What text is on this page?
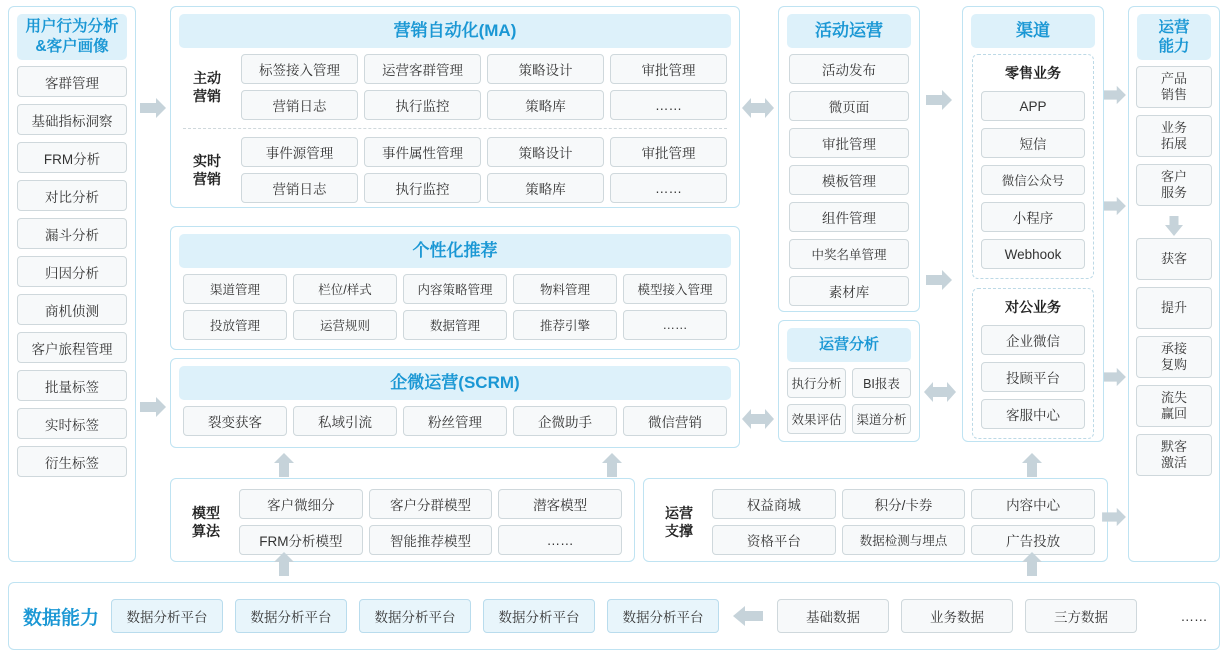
用户行为分析
&客户画像
客群管理
基础指标洞察
FRM分析
对比分析
漏斗分析
归因分析
商机侦测
客户旅程管理
批量标签
实时标签
衍生标签
营销自动化(MA)
主动
营销
标签接入管理	运营客群管理	策略设计	审批管理
营销日志	执行监控	策略库	……
实时
营销
事件源管理	事件属性管理	策略设计	审批管理
营销日志	执行监控	策略库	……
个性化推荐
渠道管理	栏位/样式	内容策略管理	物料管理	模型接入管理
投放管理	运营规则	数据管理	推荐引擎	……
企微运营(SCRM)
裂变获客	私域引流	粉丝管理	企微助手	微信营销
模型
算法
客户微细分	客户分群模型	潜客模型
FRM分析模型	智能推荐模型	……
运营
支撑
权益商城	积分/卡券	内容中心
资格平台	数据检测与埋点	广告投放
活动运营
活动发布
微页面
审批管理
模板管理
组件管理
中奖名单管理
素材库
运营分析
执行分析	BI报表
效果评估	渠道分析
渠道
零售业务
APP
短信
微信公众号
小程序
Webhook
对公业务
企业微信
投顾平台
客服中心
运营
能力
产品
销售
业务
拓展
客户
服务
获客
提升
承接
复购
流失
赢回
默客
激活
数据能力	数据分析平台	数据分析平台	数据分析平台	数据分析平台	数据分析平台	基础数据	业务数据	三方数据	……
